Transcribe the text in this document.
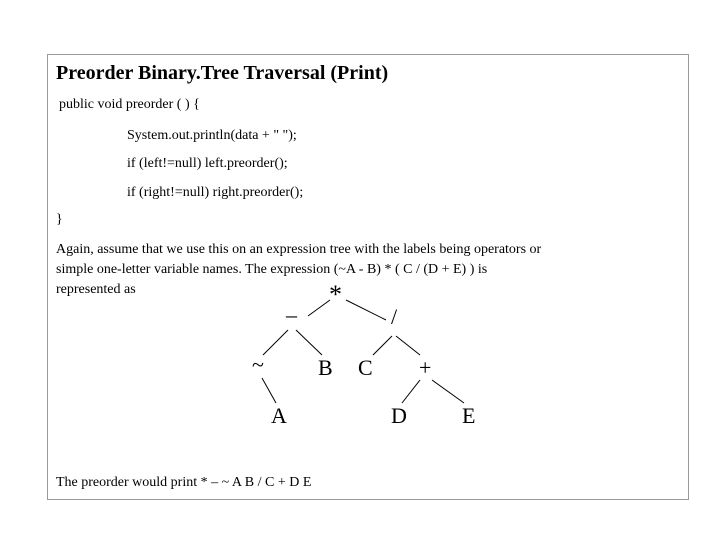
Preorder Binary.Tree Traversal (Print)
public void preorder ( ) {
System.out.println(data + " ");
if (left!=null) left.preorder();
if (right!=null) right.preorder();
}
Again, assume that we use this on an expression tree with the labels being operators or
simple one-letter variable names. The expression (~A - B) * ( C / (D + E) ) is
represented as	*
–	/
~ B C +
A	D	E
The preorder would print * – ~ A B / C + D E
